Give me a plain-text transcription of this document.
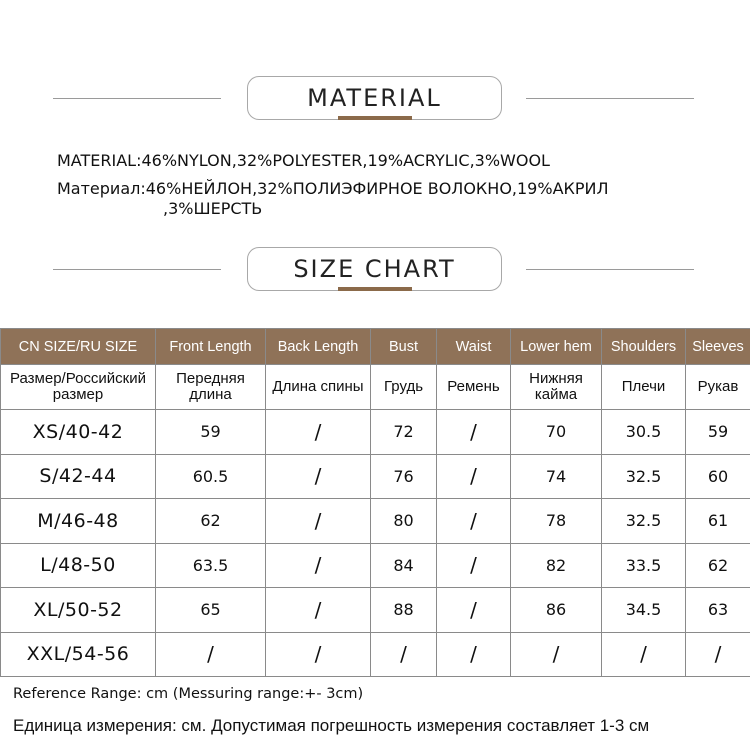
MATERIAL
MATERIAL: 46%NYLON,32%POLYESTER,19%ACRYLIC,3%WOOL
Материал: 46%НЕЙЛОН,32%ПОЛИЭФИРНОЕ ВОЛОКНО,19%АКРИЛ
,3%ШЕРСТЬ
SIZE CHART
CN SIZE/RU SIZE	Front Length	Back Length	Bust	Waist	Lower hem	Shoulders	Sleeves
Размер/Российский размер	Передняя длина	Длина спины	Грудь	Ремень	Нижняя кайма	Плечи	Рукав
XS/40-42	59	/	72	/	70	30.5	59
S/42-44	60.5	/	76	/	74	32.5	60
M/46-48	62	/	80	/	78	32.5	61
L/48-50	63.5	/	84	/	82	33.5	62
XL/50-52	65	/	88	/	86	34.5	63
XXL/54-56	/	/	/	/	/	/	/
Reference Range: cm (Messuring range:+- 3cm)
Единица измерения: см. Допустимая погрешность измерения составляет 1-3 см
